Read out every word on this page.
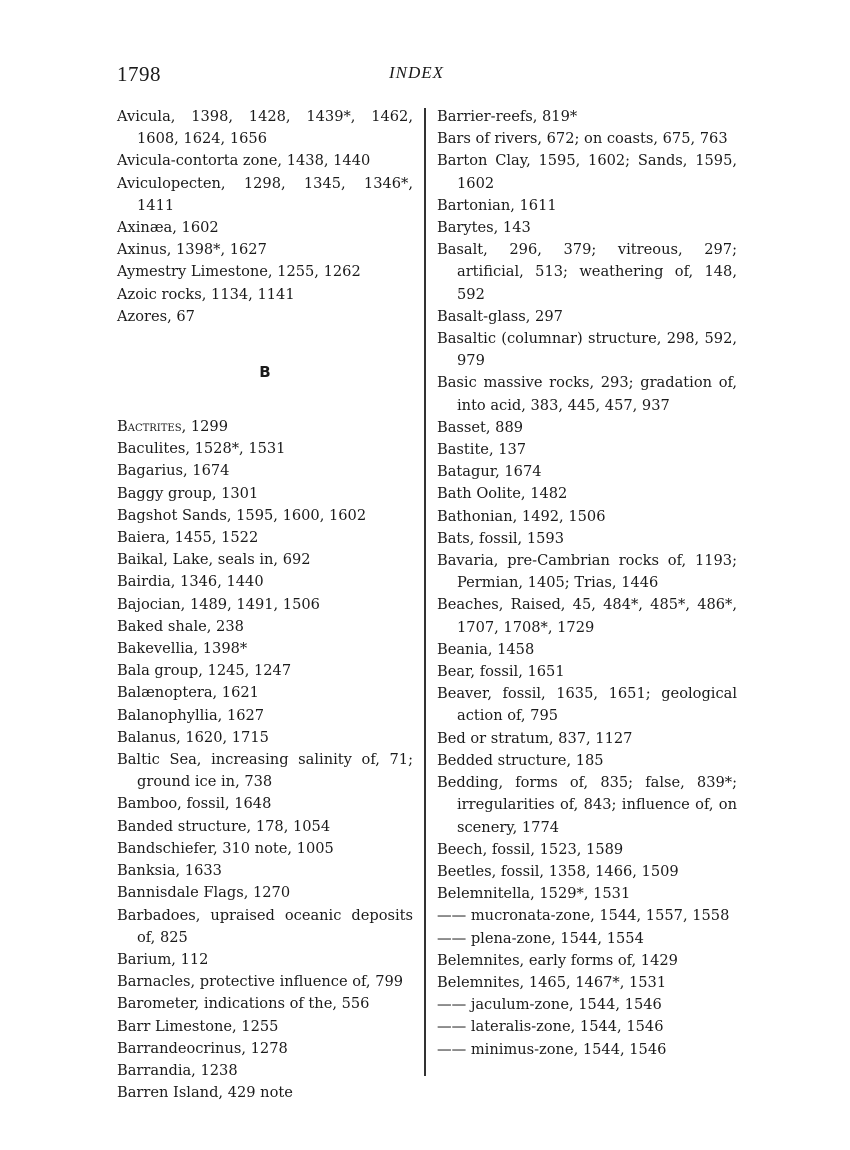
1798	INDEX
Avicula, 1398, 1428, 1439*, 1462, 1608, 1624, 1656
Avicula-contorta zone, 1438, 1440
Aviculopecten, 1298, 1345, 1346*, 1411
Axinæa, 1602
Axinus, 1398*, 1627
Aymestry Limestone, 1255, 1262
Azoic rocks, 1134, 1141
Azores, 67
B
Bactrites, 1299
Baculites, 1528*, 1531
Bagarius, 1674
Baggy group, 1301
Bagshot Sands, 1595, 1600, 1602
Baiera, 1455, 1522
Baikal, Lake, seals in, 692
Bairdia, 1346, 1440
Bajocian, 1489, 1491, 1506
Baked shale, 238
Bakevellia, 1398*
Bala group, 1245, 1247
Balænoptera, 1621
Balanophyllia, 1627
Balanus, 1620, 1715
Baltic Sea, increasing salinity of, 71; ground ice in, 738
Bamboo, fossil, 1648
Banded structure, 178, 1054
Bandschiefer, 310 note, 1005
Banksia, 1633
Bannisdale Flags, 1270
Barbadoes, upraised oceanic deposits of, 825
Barium, 112
Barnacles, protective influence of, 799
Barometer, indications of the, 556
Barr Limestone, 1255
Barrandeocrinus, 1278
Barrandia, 1238
Barren Island, 429 note
Barrier-reefs, 819*
Bars of rivers, 672; on coasts, 675, 763
Barton Clay, 1595, 1602; Sands, 1595, 1602
Bartonian, 1611
Barytes, 143
Basalt, 296, 379; vitreous, 297; artificial, 513; weathering of, 148, 592
Basalt-glass, 297
Basaltic (columnar) structure, 298, 592, 979
Basic massive rocks, 293; gradation of, into acid, 383, 445, 457, 937
Basset, 889
Bastite, 137
Batagur, 1674
Bath Oolite, 1482
Bathonian, 1492, 1506
Bats, fossil, 1593
Bavaria, pre-Cambrian rocks of, 1193; Permian, 1405; Trias, 1446
Beaches, Raised, 45, 484*, 485*, 486*, 1707, 1708*, 1729
Beania, 1458
Bear, fossil, 1651
Beaver, fossil, 1635, 1651; geological action of, 795
Bed or stratum, 837, 1127
Bedded structure, 185
Bedding, forms of, 835; false, 839*; irregularities of, 843; influence of, on scenery, 1774
Beech, fossil, 1523, 1589
Beetles, fossil, 1358, 1466, 1509
Belemnitella, 1529*, 1531
—— mucronata-zone, 1544, 1557, 1558
—— plena-zone, 1544, 1554
Belemnites, early forms of, 1429
Belemnites, 1465, 1467*, 1531
—— jaculum-zone, 1544, 1546
—— lateralis-zone, 1544, 1546
—— minimus-zone, 1544, 1546
